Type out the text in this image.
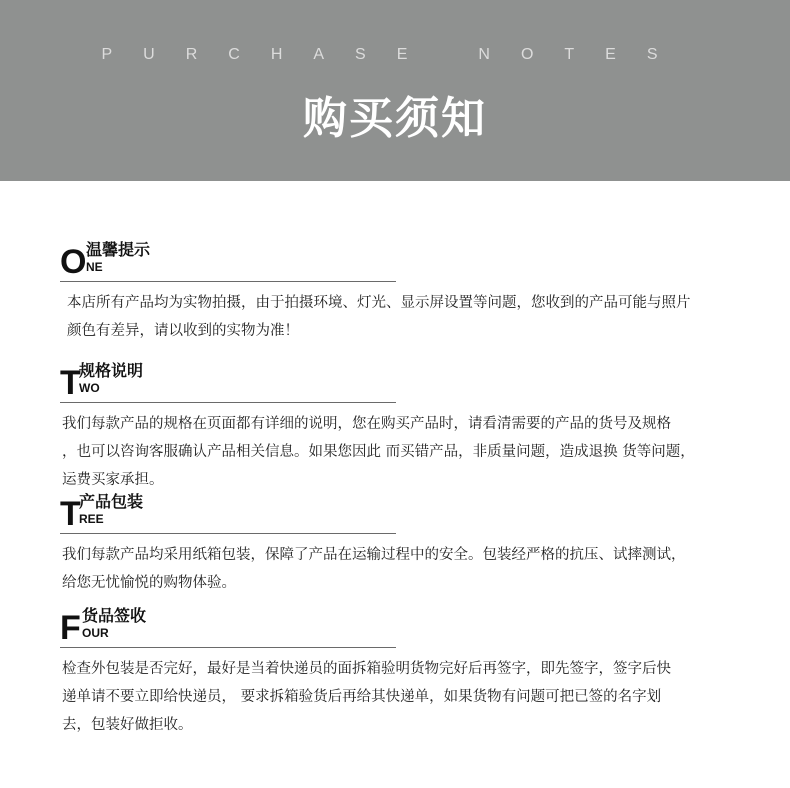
PURCHASE	NOTES
购买须知
O 温馨提示
NE
本店所有产品均为实物拍摄，由于拍摄环境、灯光、显示屏设置等问题，您收到的产品可能与照片
颜色有差异，请以收到的实物为准！
T
规格说明
WO
我们每款产品的规格在页面都有详细的说明，您在购买产品时，请看清需要的产品的货号及规格
，也可以咨询客服确认产品相关信息。如果您因此 而买错产品，非质量问题，造成退换 货等问题，
运费买家承担。
T
产品包装
REE
我们每款产品均采用纸箱包装，保障了产品在运输过程中的安全。包装经严格的抗压、试摔测试，
给您无忧愉悦的购物体验。
F 货品签收
OUR
检查外包装是否完好，最好是当着快递员的面拆箱验明货物完好后再签字，即先签字，签字后快
递单请不要立即给快递员， 要求拆箱验货后再给其快递单，如果货物有问题可把已签的名字划
去，包装好做拒收。
